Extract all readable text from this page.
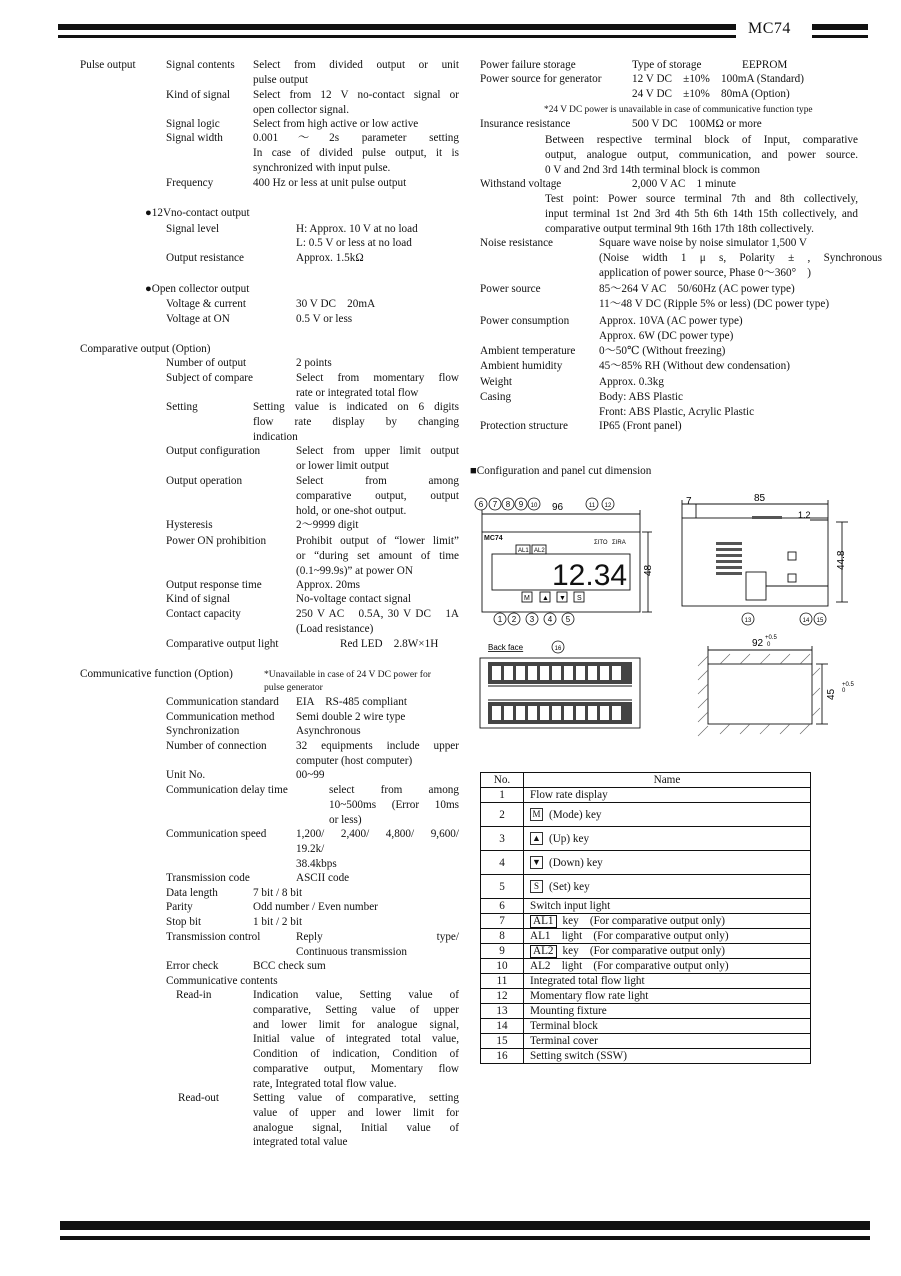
MC74
Pulse output	Signal contents Select from divided output or unit
pulse output
Kind of signal Select from 12 V no-contact signal or
open collector signal.
Signal logic	Select from high active or low active
Signal width	0.001～2s parameter setting
In case of divided pulse output, it is
synchronized with input pulse.
Frequency	400 Hz or less at unit pulse output
●12Vno-contact output
Signal level	H: Approx. 10 V at no load
L: 0.5 V or less at no load
Output resistance	Approx. 1.5kΩ
●Open collector output
Voltage & current	30 V DC　20mA
Voltage at ON	0.5 V or less
Comparative output (Option)
Number of output	2 points
Subject of compare	Select from momentary flow
rate or integrated total flow
Setting	Setting value is indicated on 6 digits
flow rate display by changing
indication
Output configuration	Select from upper limit output
or lower limit output
Output operation	Select from among
comparative output, output
hold, or one-shot output.
Hysteresis	2～9999 digit
Power ON prohibition	Prohibit output of “lower limit”
or “during set amount of time
(0.1~99.9s)” at power ON
Output response time	Approx. 20ms
Kind of signal	No-voltage contact signal
Contact capacity	250 V AC　0.5A, 30 V DC　1A
(Load resistance)
Comparative output light	Red LED　2.8W×1H
Communicative function (Option)	*Unavailable in case of 24 V DC power for
pulse generator
Communication standard EIA　RS-485 compliant
Communication method Semi double 2 wire type
Synchronization	Asynchronous
Number of connection	32 equipments include upper
computer (host computer)
Unit No.	00~99
Communication delay time	select from among
10~500ms (Error 10ms
or less)
Communication speed	1,200/ 2,400/ 4,800/ 9,600/
19.2k/
38.4kbps
Transmission code	ASCII code
Data length	7 bit / 8 bit
Parity	Odd number / Even number
Stop bit	1 bit / 2 bit
Transmission control	Reply type/
Continuous transmission
Error check	BCC check sum
Communicative contents
Read-in	Indication value, Setting value of
comparative, Setting value of upper
and lower limit for analogue signal,
Initial value of integrated total value,
Condition of indication, Condition of
comparative output, Momentary flow
rate, Integrated total flow value.
Read-out	Setting value of comparative, setting
value of upper and lower limit for
analogue signal, Initial value of
integrated total value
Power failure storage	Type of storage	EEPROM
Power source for generator	12 V DC　±10%　100mA (Standard)
24 V DC　±10%　80mA (Option)
*24 V DC power is unavailable in case of communicative function type
Insurance resistance	500 V DC　100MΩ or more
Between respective terminal block of Input, comparative
output, analogue output, communication, and power source.
0 V and 2nd 3rd 14th terminal block is common
Withstand voltage	2,000 V AC　1 minute
Test point: Power source terminal 7th and 8th collectively,
input terminal 1st 2nd 3rd 4th 5th 6th 14th 15th collectively, and
comparative output terminal 9th 16th 17th 18th collectively.
Noise resistance	Square wave noise by noise simulator 1,500 V
(Noise width 1 μ s, Polarity ± , Synchronous
application of power source, Phase 0～360°　)
Power source	85～264 V AC　50/60Hz (AC power type)
11～48 V DC (Ripple 5% or less) (DC power type)
Power consumption	Approx. 10VA (AC power type)
Approx. 6W (DC power type)
Ambient temperature 0～50℃ (Without freezing)
Ambient humidity	45～85% RH (Without dew condensation)
Weight	Approx. 0.3kg
Casing	Body: ABS Plastic
Front: ABS Plastic, Acrylic Plastic
Protection structure	IP65 (Front panel)
■Configuration and panel cut dimension
12.34
MC74
96
48
7	85
1.2
44.8
92 +0.5
0
45
+0.5
0
AL1 AL2
ΣITO ΣIRA
Back face
M ▲ ▼ S
1 2 3 4 5
6 7 8 9 10	11 12
13	14 15
16
No.	Name
1	Flow rate display
2	M (Mode) key
3	▲ (Up) key
4	▼ (Down) key
5	S (Set) key
6	Switch input light
7	AL1 key　(For comparative output only)
8	AL1　light　(For comparative output only)
9	AL2 key　(For comparative output only)
10	AL2　light　(For comparative output only)
11	Integrated total flow light
12	Momentary flow rate light
13	Mounting fixture
14	Terminal block
15	Terminal cover
16	Setting switch (SSW)
